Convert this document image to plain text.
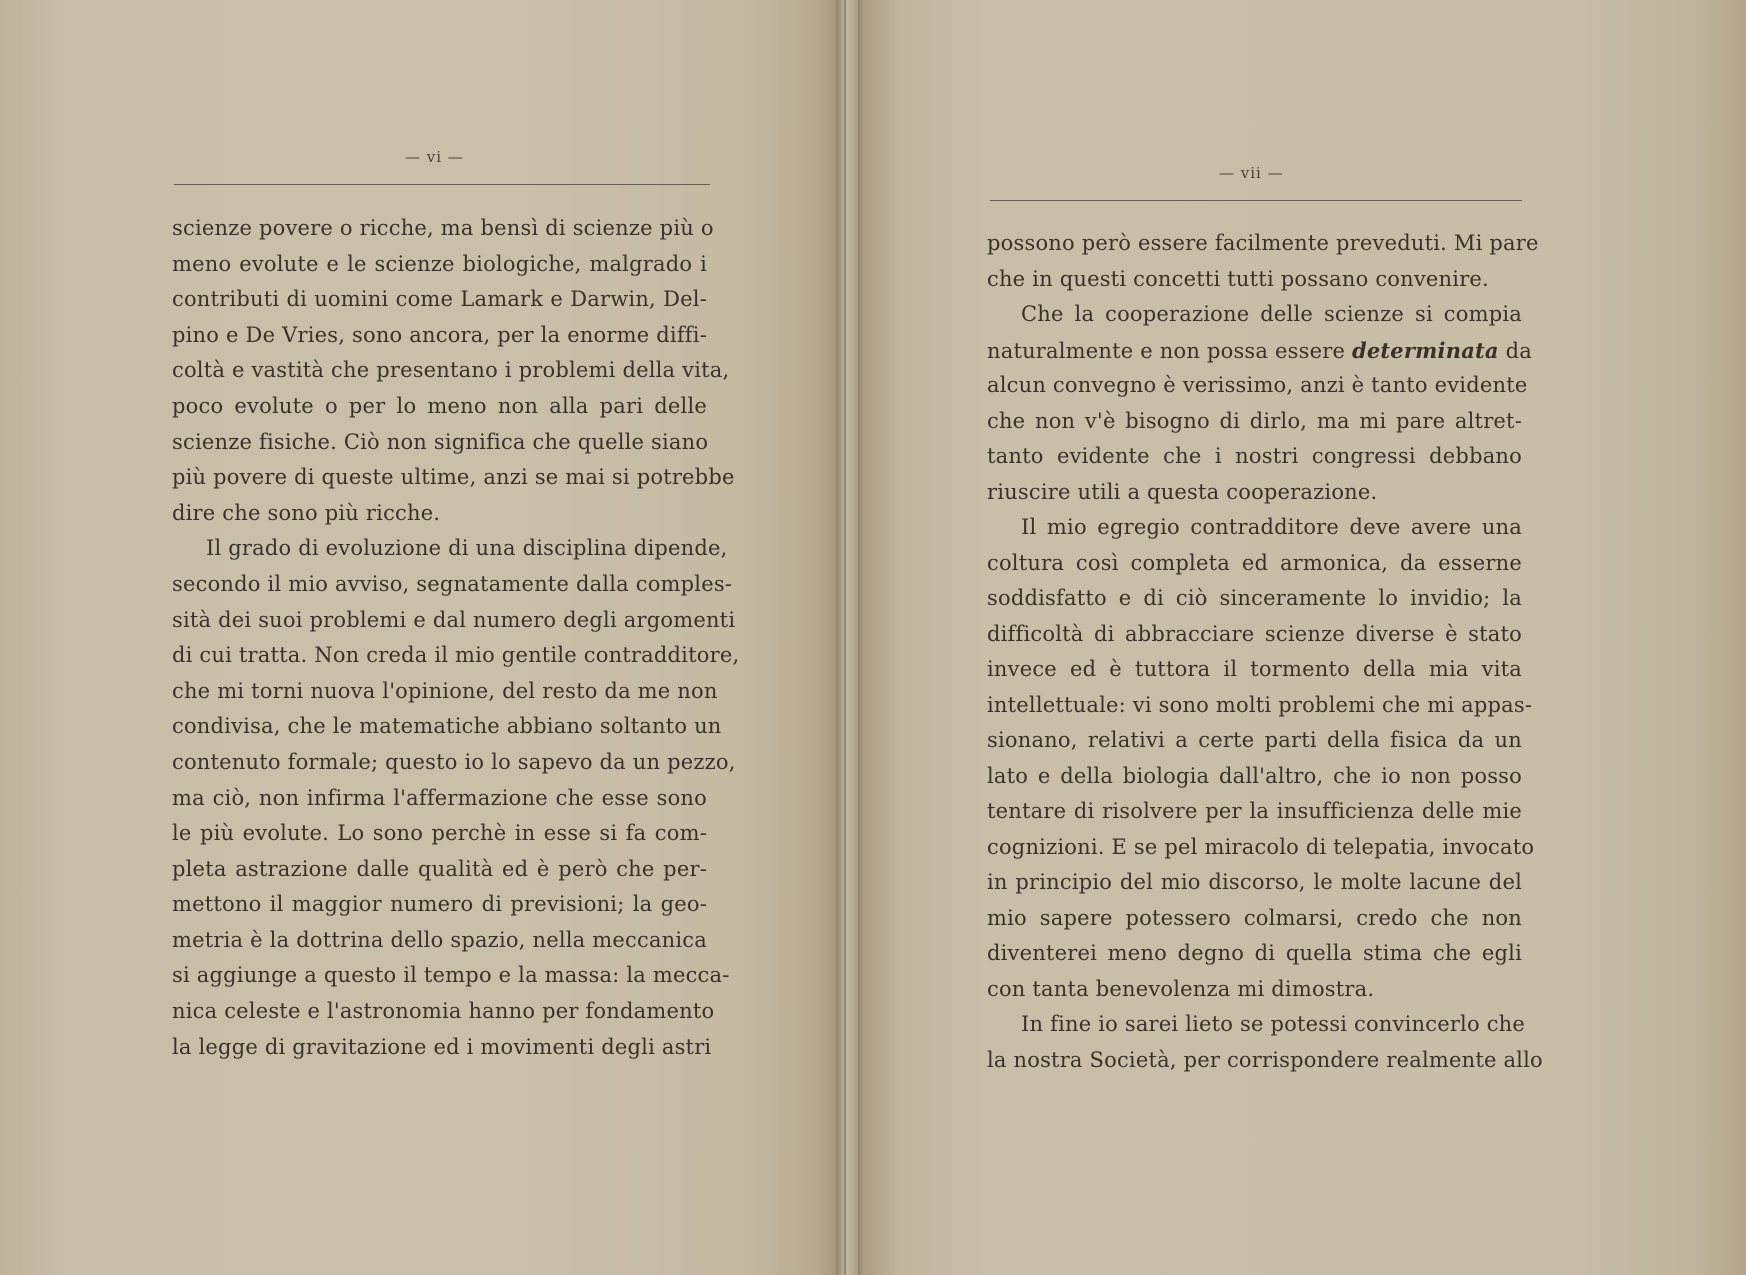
— vi —
scienze povere o ricche, ma bensì di scienze più o
meno evolute e le scienze biologiche, malgrado i
contributi di uomini come Lamark e Darwin, Del-
pino e De Vries, sono ancora, per la enorme diffi-
coltà e vastità che presentano i problemi della vita,
poco evolute o per lo meno non alla pari delle
scienze fisiche. Ciò non significa che quelle siano
più povere di queste ultime, anzi se mai si potrebbe
dire che sono più ricche.
Il grado di evoluzione di una disciplina dipende,
secondo il mio avviso, segnatamente dalla comples-
sità dei suoi problemi e dal numero degli argomenti
di cui tratta. Non creda il mio gentile contradditore,
che mi torni nuova l'opinione, del resto da me non
condivisa, che le matematiche abbiano soltanto un
contenuto formale; questo io lo sapevo da un pezzo,
ma ciò, non infirma l'affermazione che esse sono
le più evolute. Lo sono perchè in esse si fa com-
pleta astrazione dalle qualità ed è però che per-
mettono il maggior numero di previsioni; la geo-
metria è la dottrina dello spazio, nella meccanica
si aggiunge a questo il tempo e la massa: la mecca-
nica celeste e l'astronomia hanno per fondamento
la legge di gravitazione ed i movimenti degli astri
— vii —
possono però essere facilmente preveduti. Mi pare
che in questi concetti tutti possano convenire.
Che la cooperazione delle scienze si compia
naturalmente e non possa essere determinata da
alcun convegno è verissimo, anzi è tanto evidente
che non v'è bisogno di dirlo, ma mi pare altret-
tanto evidente che i nostri congressi debbano
riuscire utili a questa cooperazione.
Il mio egregio contradditore deve avere una
coltura così completa ed armonica, da esserne
soddisfatto e di ciò sinceramente lo invidio; la
difficoltà di abbracciare scienze diverse è stato
invece ed è tuttora il tormento della mia vita
intellettuale: vi sono molti problemi che mi appas-
sionano, relativi a certe parti della fisica da un
lato e della biologia dall'altro, che io non posso
tentare di risolvere per la insufficienza delle mie
cognizioni. E se pel miracolo di telepatia, invocato
in principio del mio discorso, le molte lacune del
mio sapere potessero colmarsi, credo che non
diventerei meno degno di quella stima che egli
con tanta benevolenza mi dimostra.
In fine io sarei lieto se potessi convincerlo che
la nostra Società, per corrispondere realmente allo
